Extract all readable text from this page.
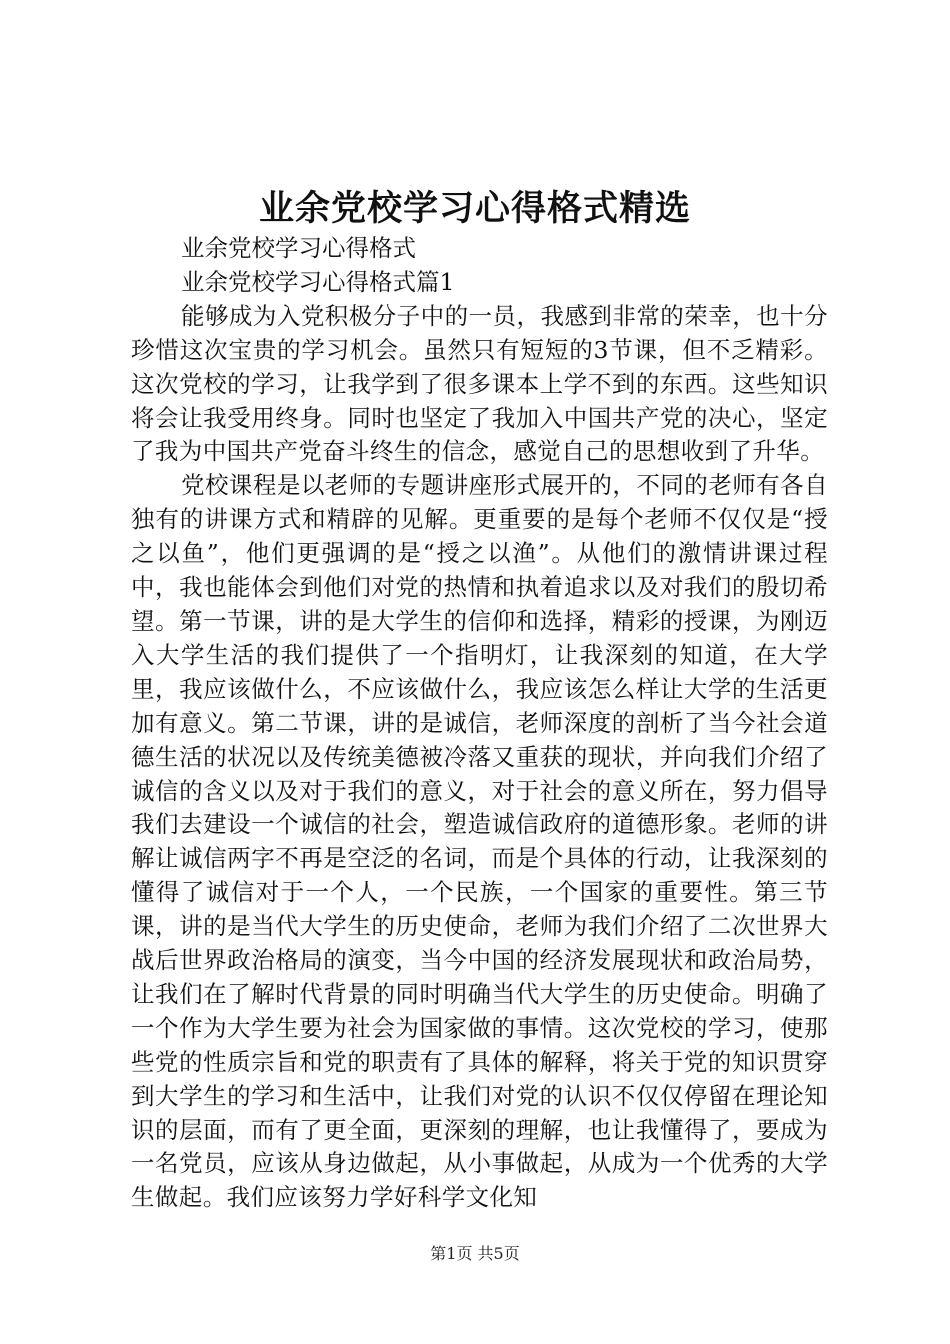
业余党校学习心得格式精选

业余党校学习心得格式

业余党校学习心得格式篇1

能够成为入党积极分子中的一员，我感到非常的荣幸，也十分珍惜这次宝贵的学习机会。虽然只有短短的3节课，但不乏精彩。这次党校的学习，让我学到了很多课本上学不到的东西。这些知识将会让我受用终身。同时也坚定了我加入中国共产党的决心，坚定了我为中国共产党奋斗终生的信念，感觉自己的思想收到了升华。

党校课程是以老师的专题讲座形式展开的，不同的老师有各自独有的讲课方式和精辟的见解。更重要的是每个老师不仅仅是“授之以鱼”，他们更强调的是“授之以渔”。从他们的激情讲课过程中，我也能体会到他们对党的热情和执着追求以及对我们的殷切希望。第一节课，讲的是大学生的信仰和选择，精彩的授课，为刚迈入大学生活的我们提供了一个指明灯，让我深刻的知道，在大学里，我应该做什么，不应该做什么，我应该怎么样让大学的生活更加有意义。第二节课，讲的是诚信，老师深度的剖析了当今社会道德生活的状况以及传统美德被冷落又重获的现状，并向我们介绍了诚信的含义以及对于我们的意义，对于社会的意义所在，努力倡导我们去建设一个诚信的社会，塑造诚信政府的道德形象。老师的讲解让诚信两字不再是空泛的名词，而是个具体的行动，让我深刻的懂得了诚信对于一个人，一个民族，一个国家的重要性。第三节课，讲的是当代大学生的历史使命，老师为我们介绍了二次世界大战后世界政治格局的演变，当今中国的经济发展现状和政治局势，让我们在了解时代背景的同时明确当代大学生的历史使命。明确了一个作为大学生要为社会为国家做的事情。这次党校的学习，使那些党的性质宗旨和党的职责有了具体的解释，将关于党的知识贯穿到大学生的学习和生活中，让我们对党的认识不仅仅停留在理论知识的层面，而有了更全面，更深刻的理解，也让我懂得了，要成为一名党员，应该从身边做起，从小事做起，从成为一个优秀的大学生做起。我们应该努力学好科学文化知

第1页 共5页
